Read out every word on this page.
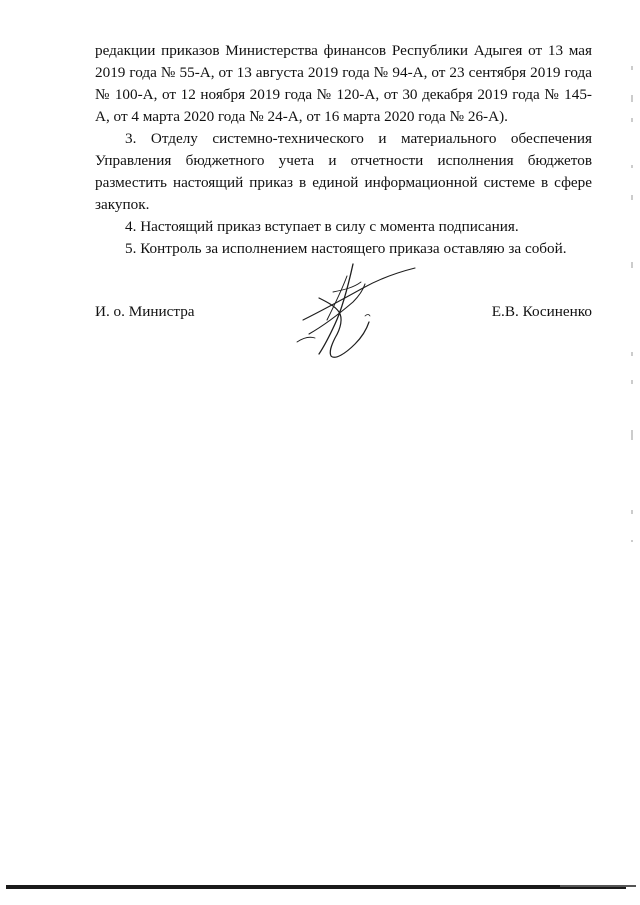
редакции приказов Министерства финансов Республики Адыгея от 13 мая 2019 года № 55-А, от 13 августа 2019 года № 94-А, от 23 сентября 2019 года № 100-А, от 12 ноября 2019 года № 120-А, от 30 декабря 2019 года № 145-А, от 4 марта 2020 года № 24-А, от 16 марта 2020 года № 26-А).

3. Отделу системно-технического и материального обеспечения Управления бюджетного учета и отчетности исполнения бюджетов разместить настоящий приказ в единой информационной системе в сфере закупок.

4. Настоящий приказ вступает в силу с момента подписания.

5. Контроль за исполнением настоящего приказа оставляю за собой.

И. о. Министра	Е.В. Косиненко
